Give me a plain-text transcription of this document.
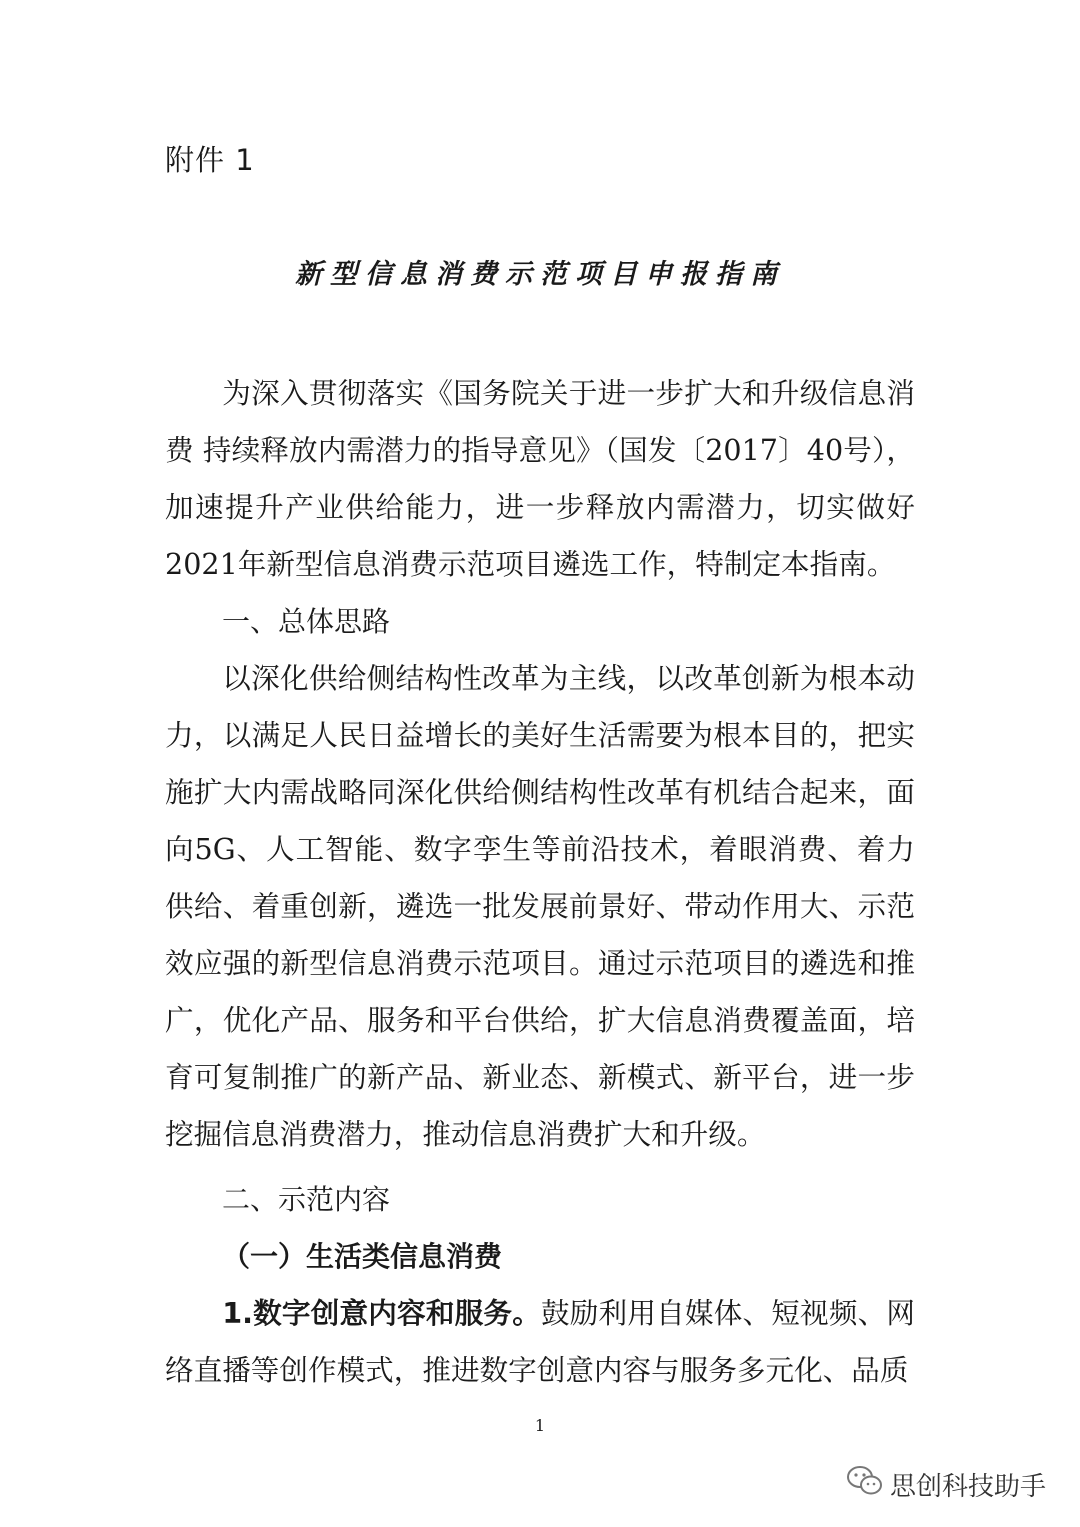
附件 1
新型信息消费示范项目申报指南

为深入贯彻落实《国务院关于进一步扩大和升级信息消费 持续释放内需潜力的指导意见》（国发〔2017〕40号），加速提升产业供给能力，进一步释放内需潜力，切实做好2021年新型信息消费示范项目遴选工作，特制定本指南。

一、总体思路

以深化供给侧结构性改革为主线，以改革创新为根本动力，以满足人民日益增长的美好生活需要为根本目的，把实施扩大内需战略同深化供给侧结构性改革有机结合起来，面向5G、人工智能、数字孪生等前沿技术，着眼消费、着力供给、着重创新，遴选一批发展前景好、带动作用大、示范效应强的新型信息消费示范项目。通过示范项目的遴选和推广，优化产品、服务和平台供给，扩大信息消费覆盖面，培育可复制推广的新产品、新业态、新模式、新平台，进一步挖掘信息消费潜力，推动信息消费扩大和升级。

二、示范内容
（一）生活类信息消费

1.数字创意内容和服务。鼓励利用自媒体、短视频、网络直播等创作模式，推进数字创意内容与服务多元化、品质

1
思创科技助手
